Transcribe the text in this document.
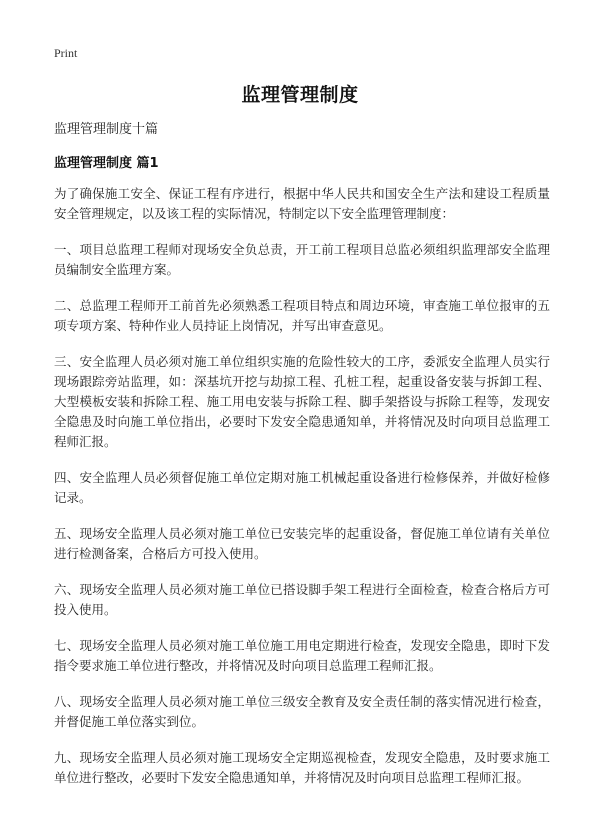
Print
监理管理制度

监理管理制度十篇

监理管理制度 篇1

为了确保施工安全、保证工程有序进行，根据中华人民共和国安全生产法和建设工程质量安全管理规定，以及该工程的实际情况，特制定以下安全监理管理制度：

一、项目总监理工程师对现场安全负总责，开工前工程项目总监必须组织监理部安全监理员编制安全监理方案。

二、总监理工程师开工前首先必须熟悉工程项目特点和周边环境，审查施工单位报审的五项专项方案、特种作业人员持证上岗情况，并写出审查意见。

三、安全监理人员必须对施工单位组织实施的危险性较大的工序，委派安全监理人员实行现场跟踪旁站监理，如：深基坑开挖与劫掠工程、孔桩工程，起重设备安装与拆卸工程、大型模板安装和拆除工程、施工用电安装与拆除工程、脚手架搭设与拆除工程等，发现安全隐患及时向施工单位指出，必要时下发安全隐患通知单，并将情况及时向项目总监理工程师汇报。

四、安全监理人员必须督促施工单位定期对施工机械起重设备进行检修保养，并做好检修记录。

五、现场安全监理人员必须对施工单位已安装完毕的起重设备，督促施工单位请有关单位进行检测备案，合格后方可投入使用。

六、现场安全监理人员必须对施工单位已搭设脚手架工程进行全面检查，检查合格后方可投入使用。

七、现场安全监理人员必须对施工单位施工用电定期进行检查，发现安全隐患，即时下发指令要求施工单位进行整改，并将情况及时向项目总监理工程师汇报。

八、现场安全监理人员必须对施工单位三级安全教育及安全责任制的落实情况进行检查，并督促施工单位落实到位。

九、现场安全监理人员必须对施工现场安全定期巡视检查，发现安全隐患，及时要求施工单位进行整改，必要时下发安全隐患通知单，并将情况及时向项目总监理工程师汇报。
